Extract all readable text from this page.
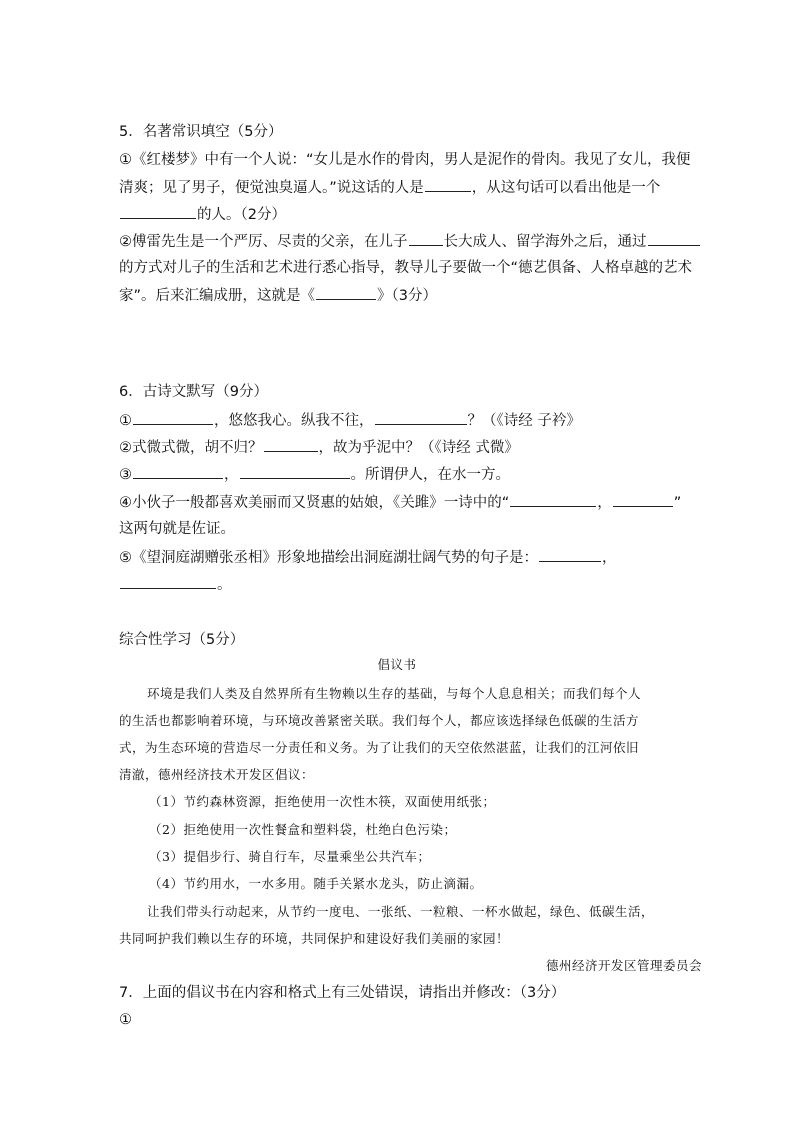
5．名著常识填空（5分）
①《红楼梦》中有一个人说：“女儿是水作的骨肉，男人是泥作的骨肉。我见了女儿，我便
清爽；见了男子，便觉浊臭逼人。”说这话的人是	，从这句话可以看出他是一个
的人。（2分）
②傅雷先生是一个严厉、尽责的父亲，在儿子 长大成人、留学海外之后，通过
的方式对儿子的生活和艺术进行悉心指导，教导儿子要做一个“德艺俱备、人格卓越的艺术
家”。后来汇编成册，这就是《	》（3分）
6．古诗文默写（9分）
①	，悠悠我心。纵我不往，	？（《诗经 子衿》
②式微式微，胡不归？	，故为乎泥中？（《诗经 式微》
③	，	。所谓伊人，在水一方。
④小伙子一般都喜欢美丽而又贤惠的姑娘，《关雎》一诗中的“	，	”
这两句就是佐证。
⑤《望洞庭湖赠张丞相》形象地描绘出洞庭湖壮阔气势的句子是：	，
。
综合性学习（5分）
倡议书
环境是我们人类及自然界所有生物赖以生存的基础，与每个人息息相关；而我们每个人
的生活也都影响着环境，与环境改善紧密关联。我们每个人，都应该选择绿色低碳的生活方
式，为生态环境的营造尽一分责任和义务。为了让我们的天空依然湛蓝，让我们的江河依旧
清澈，德州经济技术开发区倡议：
（1）节约森林资源，拒绝使用一次性木筷，双面使用纸张；
（2）拒绝使用一次性餐盒和塑料袋，杜绝白色污染；
（3）提倡步行、骑自行车，尽量乘坐公共汽车；
（4）节约用水，一水多用。随手关紧水龙头，防止滴漏。
让我们带头行动起来，从节约一度电、一张纸、一粒粮、一杯水做起，绿色、低碳生活，
共同呵护我们赖以生存的环境，共同保护和建设好我们美丽的家园！
德州经济开发区管理委员会
7．上面的倡议书在内容和格式上有三处错误，请指出并修改：（3分）
①
